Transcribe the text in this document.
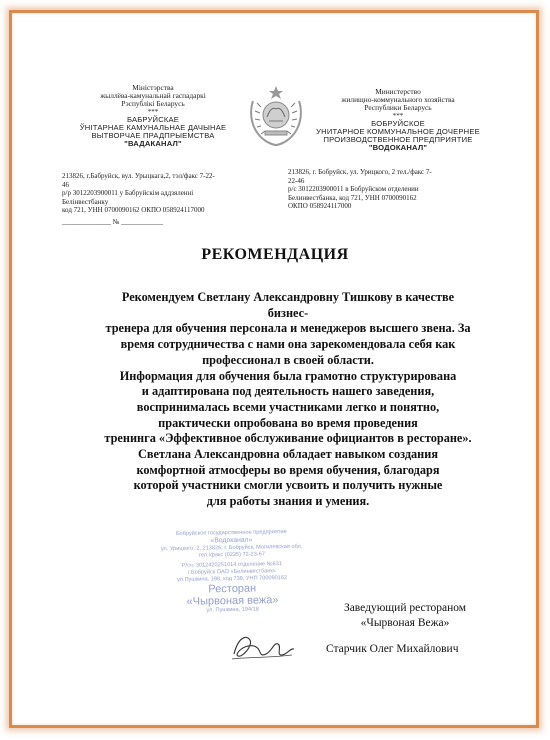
Міністэрства
жыллёва-камунальнай гаспадаркі
Рэспублікі Беларусь
***
БАБРУЙСКАЕ
ЎНІТАРНАЕ КАМУНАЛЬНАЕ ДАЧЫНАЕ
ВЫТВОРЧАЕ ПРАДПРЫЕМСТВА
"ВАДАКАНАЛ"
213826, г.Бабруйск, вул. Урыцкага,2, тэл/факс 7-22-
46
р/р 3012203900011 у Бабруйскім аддзяленні
Белінвестбанку
код 721, УНН 0700090162 ОКПО 058924117000
______________ № ____________
Министерство
жилищно-коммунального хозяйства
Республики Беларусь
***
БОБРУЙСКОЕ
УНИТАРНОЕ КОММУНАЛЬНОЕ ДОЧЕРНЕЕ
ПРОИЗВОДСТВЕННОЕ ПРЕДПРИЯТИЕ
"ВОДОКАНАЛ"
213826, г. Бобруйск, ул. Урицкого, 2 тел./факс 7-
22-46
р/с 3012203900011 в Бобруйском отделении
Белинвестбанка, код 721, УНН 0700090162
ОКПО 058924117000
РЕКОМЕНДАЦИЯ

Рекомендуем Светлану Александровну Тишкову в качестве бизнес-

тренера для обучения персонала и менеджеров высшего звена. За

время сотрудничества с нами она зарекомендовала себя как

профессионал в своей области.

Информация для обучения была грамотно структурирована

и адаптирована под деятельность нашего заведения,

воспринималась всеми участниками легко и понятно,

практически опробована во время проведения

тренинга «Эффективное обслуживание официантов в ресторане».

Светлана Александровна обладает навыком создания

комфортной атмосферы во время обучения, благодаря

которой участники смогли усвоить и получить нужные

для работы знания и умения.

Бобруйское государственное предприятие
«Водоканал»
ул. Урицкого, 2, 213826, г. Бобруйск, Могилевская обл.
тел./факс (0225) 72-23-67
Р/сч. 3012420251014 отделение №831
г.Бобруйск ОАО «Белинвестбанк»
ул.Пушкина, 198, код 739, УНП 700090162
Ресторан
«Чырвоная вежа»
ул. Пушкина, 194/18	Заведующий рестораном
«Чырвоная Вежа»
Старчик Олег Михайлович
